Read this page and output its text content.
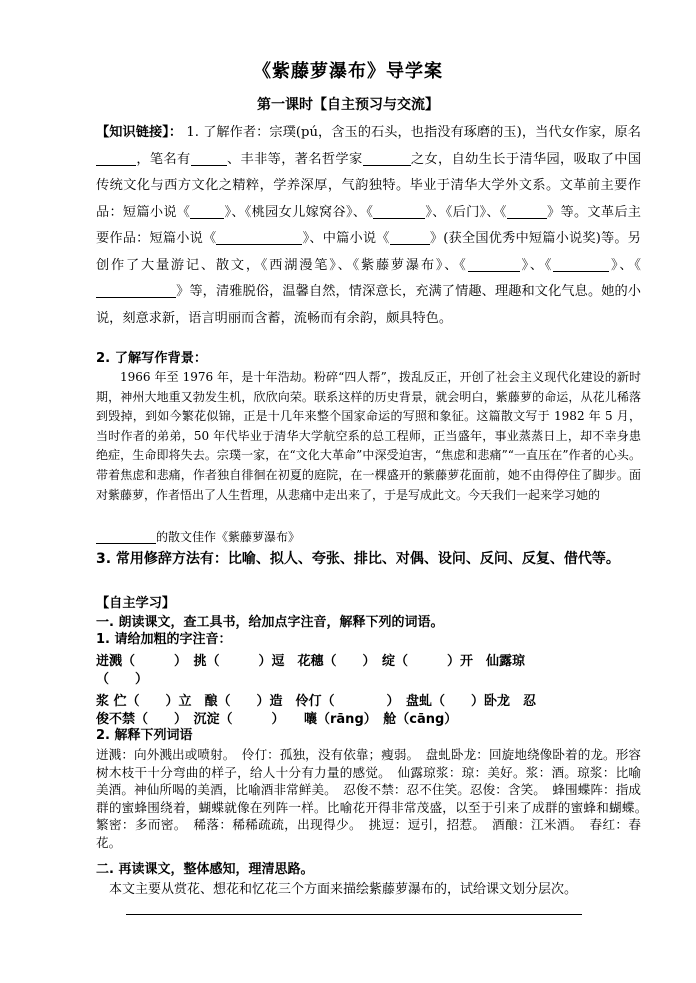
《紫藤萝瀑布》导学案
第一课时【自主预习与交流】
【知识链接】： 1. 了解作者：宗璞(pú，含玉的石头，也指没有琢磨的玉)，当代女作家，原名，笔名有	、丰非等，著名哲学家	之女，自幼生长于清华园，吸取了中国传统文化与西方文化之精粹，学养深厚，气韵独特。毕业于清华大学外文系。文革前主要作品：短篇小说《	》、《桃园女儿嫁窝谷》、《	》、《后门》、《	》等。文革后主要作品：短篇小说《	》、中篇小说《	》(获全国优秀中短篇小说奖)等。另创作了大量游记、散文，《西湖漫笔》、《紫藤萝瀑布》、《	》、《	》、《》等，清雅脱俗，温馨自然，情深意长，充满了情趣、理趣和文化气息。她的小说，刻意求新，语言明丽而含蓄，流畅而有余韵，颇具特色。
2. 了解写作背景：
1966 年至 1976 年，是十年浩劫。粉碎“四人帮”，拨乱反正，开创了社会主义现代化建设的新时期，神州大地重又勃发生机，欣欣向荣。联系这样的历史背景，就会明白，紫藤萝的命运，从花儿稀落到毁掉，到如今繁花似锦，正是十几年来整个国家命运的写照和象征。这篇散文写于 1982 年 5 月，当时作者的弟弟，50 年代毕业于清华大学航空系的总工程师，正当盛年，事业蒸蒸日上，却不幸身患绝症，生命即将失去。宗璞一家，在“文化大革命”中深受迫害，“焦虑和悲痛”“一直压在”作者的心头。带着焦虑和悲痛，作者独自徘徊在初夏的庭院，在一棵盛开的紫藤萝花面前，她不由得停住了脚步。面对紫藤萝，作者悟出了人生哲理，从悲痛中走出来了，于是写成此文。今天我们一起来学习她的
的散文佳作《紫藤萝瀑布》
3. 常用修辞方法有：比喻、拟人、夸张、排比、对偶、设问、反问、反复、借代等。
【自主学习】
一. 朗读课文，查工具书，给加点字注音，解释下列的词语。
1. 请给加粗的字注音：
迸溅（　　　）　挑（　　　）逗　花穗（　　）　绽（　　　）开　仙露琼
（　　）
浆 伫（　　）立　酿（　　）造　伶仃（　　　　）　盘虬（　　）卧龙　忍
俊不禁（　　）　沉淀（　　　）　　嚷（rāng）　舱（cāng）
2. 解释下列词语
迸溅：向外溅出或喷射。　伶仃：孤独，没有依靠；瘦弱。　盘虬卧龙：回旋地绕像卧着的龙。形容树木枝干十分弯曲的样子，给人十分有力量的感觉。　仙露琼浆：琼：美好。浆：酒。琼浆：比喻美酒。神仙所喝的美酒，比喻酒非常鲜美。　忍俊不禁：忍不住笑。忍俊：含笑。　蜂围蝶阵：指成群的蜜蜂围绕着，蝴蝶就像在列阵一样。比喻花开得非常茂盛，以至于引来了成群的蜜蜂和蝴蝶。　繁密：多而密。　稀落：稀稀疏疏，出现得少。　挑逗：逗引，招惹。　酒酿：江米酒。　春红：春花。
二. 再读课文，整体感知，理清思路。
本文主要从赏花、想花和忆花三个方面来描绘紫藤萝瀑布的，试给课文划分层次。
